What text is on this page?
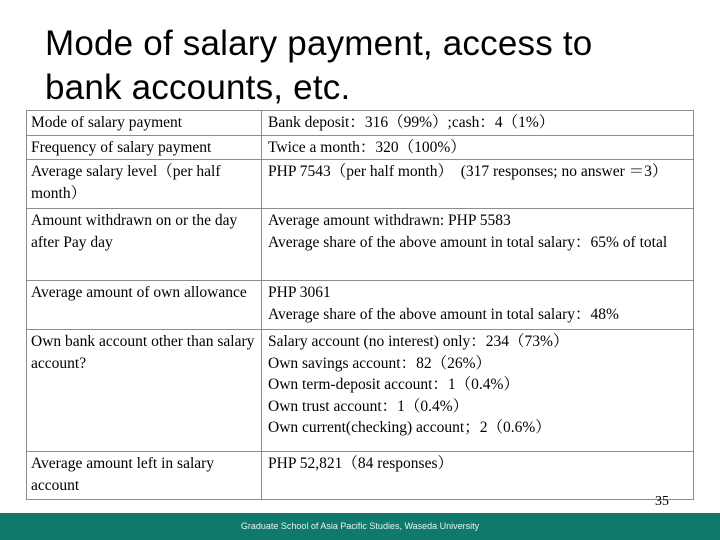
Mode of salary payment, access to
bank accounts, etc.
Mode of salary payment	Bank deposit：316（99%）;cash：4（1%）

Frequency of salary payment	Twice a month：320（100%）

Average salary level（per half month）	PHP 7543（per half month）　(317 responses; no answer ＝3）

Amount withdrawn on or the day after Pay day	Average amount withdrawn: PHP 5583
Average share of the above amount in total salary：65% of total

Average amount of own allowance	PHP 3061
Average share of the above amount in total salary：48%

Own bank account other than salary account?	Salary account (no interest) only：234（73%）
Own savings account：82（26%）
Own term-deposit account：1（0.4%）
Own trust account：1（0.4%）
Own current(checking) account；2（0.6%）

Average amount left in salary account	PHP 52,821（84 responses）
35
Graduate School of Asia Pacific Studies, Waseda University
